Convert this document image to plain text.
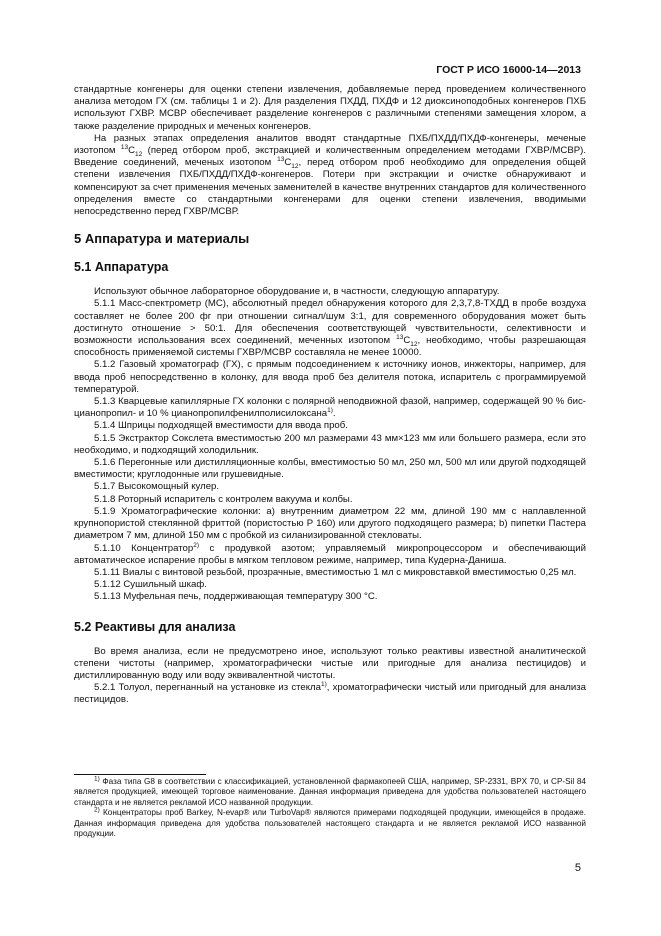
ГОСТ Р ИСО 16000-14—2013

стандартные конгенеры для оценки степени извлечения, добавляемые перед проведением количественного анализа методом ГХ (см. таблицы 1 и 2). Для разделения ПХДД, ПХДФ и 12 диоксиноподобных конгенеров ПХБ используют ГХВР. МСВР обеспечивает разделение конгенеров с различными степенями замещения хлором, а также разделение природных и меченых конгенеров.

На разных этапах определения аналитов вводят стандартные ПХБ/ПХДД/ПХДФ-конгенеры, меченые изотопом $^{13}C_{12}$ (перед отбором проб, экстракцией и количественным определением методами ГХВР/МСВР). Введение соединений, меченых изотопом $^{13}C_{12}$, перед отбором проб необходимо для определения общей степени извлечения ПХБ/ПХДД/ПХДФ-конгенеров. Потери при экстракции и очистке обнаруживают и компенсируют за счет применения меченых заменителей в качестве внутренних стандартов для количественного определения вместе со стандартными конгенерами для оценки степени извлечения, вводимыми непосредственно перед ГХВР/МСВР.

5 Аппаратура и материалы
5.1 Аппаратура

Используют обычное лабораторное оборудование и, в частности, следующую аппаратуру.

5.1.1 Масс-спектрометр (МС), абсолютный предел обнаружения которого для 2,3,7,8-ТХДД в пробе воздуха составляет не более 200 фг при отношении сигнал/шум 3:1, для современного оборудования может быть достигнуто отношение > 50:1. Для обеспечения соответствующей чувствительности, селективности и возможности использования всех соединений, меченных изотопом $^{13}C_{12}$, необходимо, чтобы разрешающая способность применяемой системы ГХВР/МСВР составляла не менее 10000.

5.1.2 Газовый хроматограф (ГХ), с прямым подсоединением к источнику ионов, инжекторы, например, для ввода проб непосредственно в колонку, для ввода проб без делителя потока, испаритель с программируемой температурой.

5.1.3 Кварцевые капиллярные ГХ колонки с полярной неподвижной фазой, например, содержащей 90 % бис-цианопропил- и 10 % цианопропилфенилполисилоксана$^{1)}$.

5.1.4 Шприцы подходящей вместимости для ввода проб.

5.1.5 Экстрактор Сокслета вместимостью 200 мл размерами 43 мм×123 мм или большего размера, если это необходимо, и подходящий холодильник.

5.1.6 Перегонные или дистилляционные колбы, вместимостью 50 мл, 250 мл, 500 мл или другой подходящей вместимости; круглодонные или грушевидные.

5.1.7 Высокомощный кулер.

5.1.8 Роторный испаритель с контролем вакуума и колбы.

5.1.9 Хроматографические колонки: a) внутренним диаметром 22 мм, длиной 190 мм с наплавленной крупнопористой стеклянной фриттой (пористостью P 160) или другого подходящего размера; b) пипетки Пастера диаметром 7 мм, длиной 150 мм с пробкой из силанизированной стекловаты.

5.1.10 Концентратор$^{2)}$ с продувкой азотом; управляемый микропроцессором и обеспечивающий автоматическое испарение пробы в мягком тепловом режиме, например, типа Кудерна-Даниша.

5.1.11 Виалы с винтовой резьбой, прозрачные, вместимостью 1 мл с микровставкой вместимостью 0,25 мл.

5.1.12 Сушильный шкаф.

5.1.13 Муфельная печь, поддерживающая температуру 300 °С.

5.2 Реактивы для анализа

Во время анализа, если не предусмотрено иное, используют только реактивы известной аналитической степени чистоты (например, хроматографически чистые или пригодные для анализа пестицидов) и дистиллированную воду или воду эквивалентной чистоты.

5.2.1 Толуол, перегнанный на установке из стекла$^{1)}$, хроматографически чистый или пригодный для анализа пестицидов.

$^{1)}$ Фаза типа G8 в соответствии с классификацией, установленной фармакопеей США, например, SP-2331, BPX 70, и CP-Sil 84 является продукцией, имеющей торговое наименование. Данная информация приведена для удобства пользователей настоящего стандарта и не является рекламой ИСО названной продукции.

$^{2)}$ Концентраторы проб Barkey, N-evap® или TurboVap® являются примерами подходящей продукции, имеющейся в продаже. Данная информация приведена для удобства пользователей настоящего стандарта и не является рекламой ИСО названной продукции.

5
